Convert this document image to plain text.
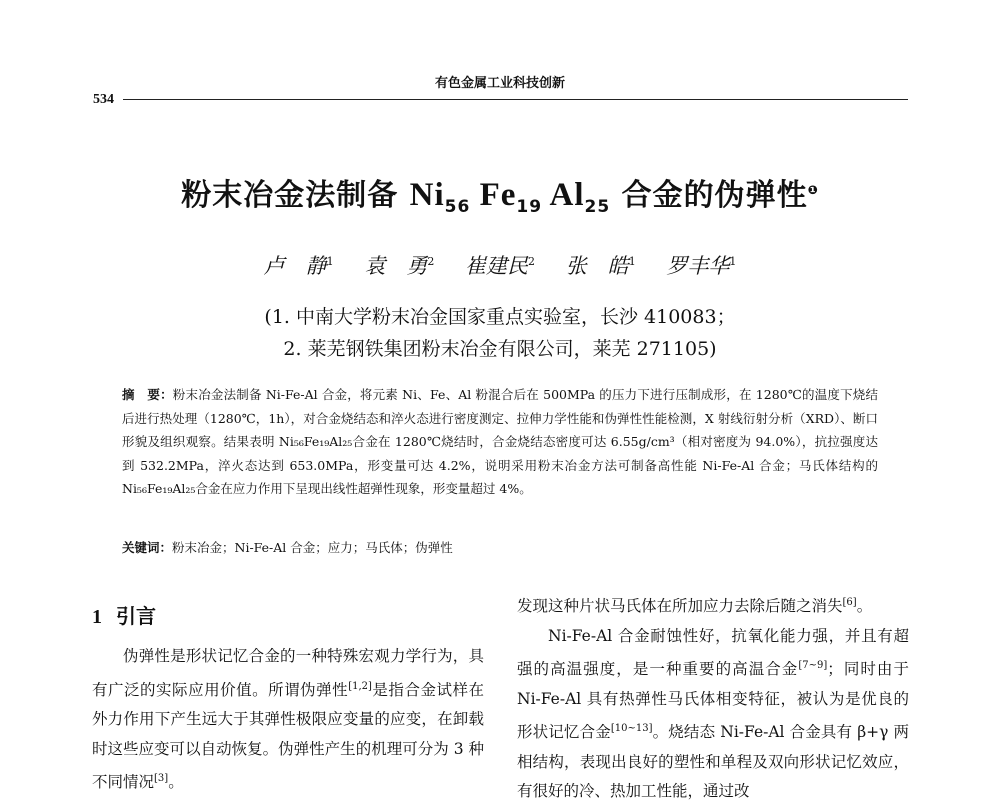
有色金属工业科技创新
534
粉末冶金法制备 $Ni_{56}$ $Fe_{19}$ $Al_{25}$ 合金的伪弹性$^❶$
卢　静$^1$ 袁　勇$^2$ 崔建民$^2$ 张　皓$^1$ 罗丰华$^1$
(1. 中南大学粉末冶金国家重点实验室，长沙 410083；
2. 莱芜钢铁集团粉末冶金有限公司，莱芜 271105)
摘　要：粉末冶金法制备 Ni-Fe-Al 合金，将元素 Ni、Fe、Al 粉混合后在 500MPa 的压力下进行压制成形，在 1280℃的温度下烧结后进行热处理（1280℃，1h），对合金烧结态和淬火态进行密度测定、拉伸力学性能和伪弹性性能检测，X 射线衍射分析（XRD）、断口形貌及组织观察。结果表明 Ni₅₆Fe₁₉Al₂₅合金在 1280℃烧结时，合金烧结态密度可达 6.55g/cm³（相对密度为 94.0%），抗拉强度达到 532.2MPa，淬火态达到 653.0MPa，形变量可达 4.2%，说明采用粉末冶金方法可制备高性能 Ni-Fe-Al 合金；马氏体结构的 Ni₅₆Fe₁₉Al₂₅合金在应力作用下呈现出线性超弹性现象，形变量超过 4%。
关键词：粉末冶金；Ni-Fe-Al 合金；应力；马氏体；伪弹性
1 引言

伪弹性是形状记忆合金的一种特殊宏观力学行为，具有广泛的实际应用价值。所谓伪弹性[1,2]是指合金试样在外力作用下产生远大于其弹性极限应变量的应变，在卸载时这些应变可以自动恢复。伪弹性产生的机理可分为 3 种不同情况[3]。

发现这种片状马氏体在所加应力去除后随之消失[6]。

Ni-Fe-Al 合金耐蚀性好，抗氧化能力强，并且有超强的高温强度，是一种重要的高温合金[7~9]；同时由于 Ni-Fe-Al 具有热弹性马氏体相变特征，被认为是优良的形状记忆合金[10~13]。烧结态 Ni-Fe-Al 合金具有 β+γ 两相结构，表现出良好的塑性和单程及双向形状记忆效应，有很好的冷、热加工性能，通过改
